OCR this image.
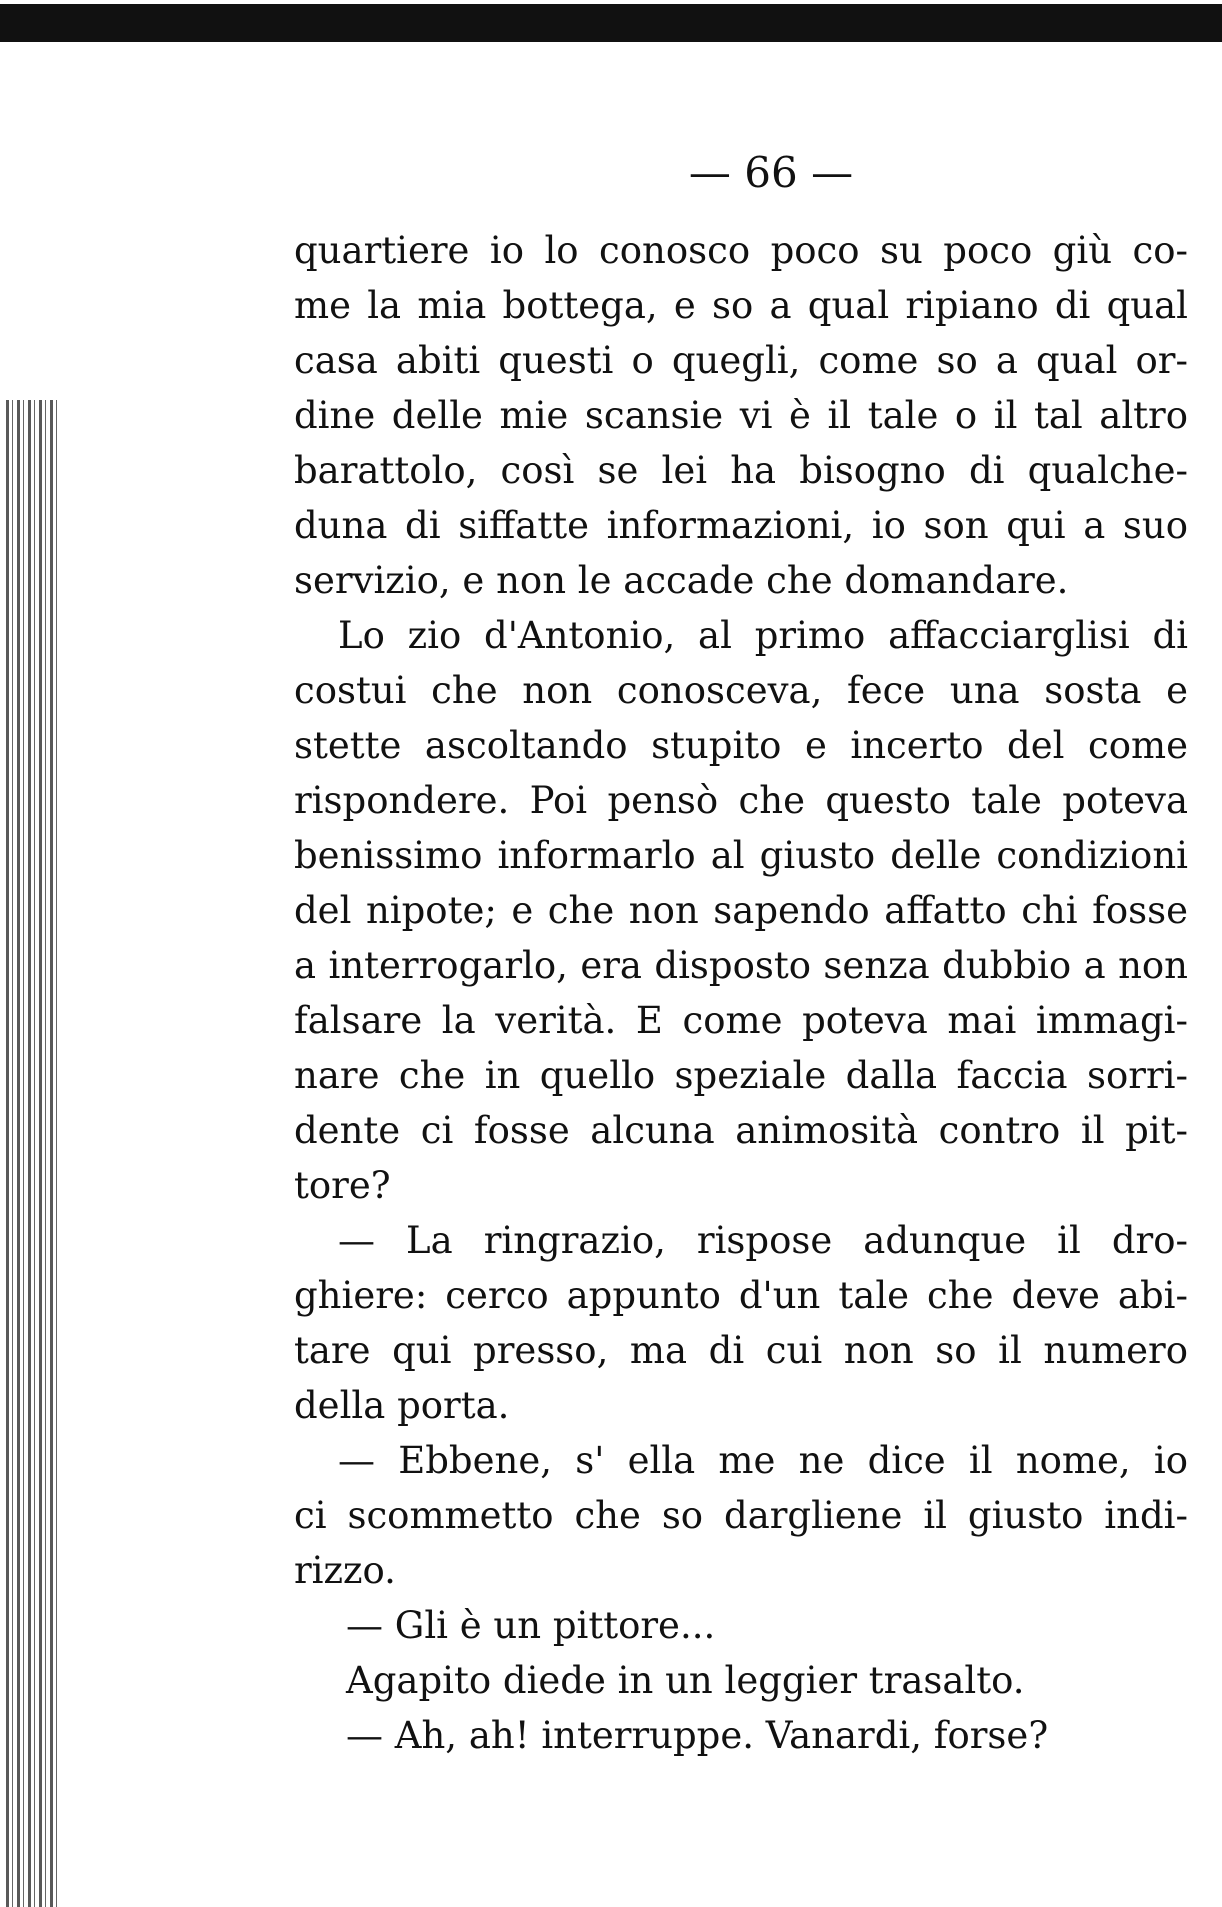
— 66 —
quartiere io lo conosco poco su poco giù co-
me la mia bottega, e so a qual ripiano di qual
casa abiti questi o quegli, come so a qual or-
dine delle mie scansie vi è il tale o il tal altro
barattolo, così se lei ha bisogno di qualche-
duna di siffatte informazioni, io son qui a suo
servizio, e non le accade che domandare.
Lo zio d'Antonio, al primo affacciarglisi di
costui che non conosceva, fece una sosta e
stette ascoltando stupito e incerto del come
rispondere. Poi pensò che questo tale poteva
benissimo informarlo al giusto delle condizioni
del nipote; e che non sapendo affatto chi fosse
a interrogarlo, era disposto senza dubbio a non
falsare la verità. E come poteva mai immagi-
nare che in quello speziale dalla faccia sorri-
dente ci fosse alcuna animosità contro il pit-
tore?
— La ringrazio, rispose adunque il dro-
ghiere: cerco appunto d'un tale che deve abi-
tare qui presso, ma di cui non so il numero
della porta.
— Ebbene, s' ella me ne dice il nome, io
ci scommetto che so dargliene il giusto indi-
rizzo.
— Gli è un pittore...
Agapito diede in un leggier trasalto.
— Ah, ah! interruppe. Vanardi, forse?
